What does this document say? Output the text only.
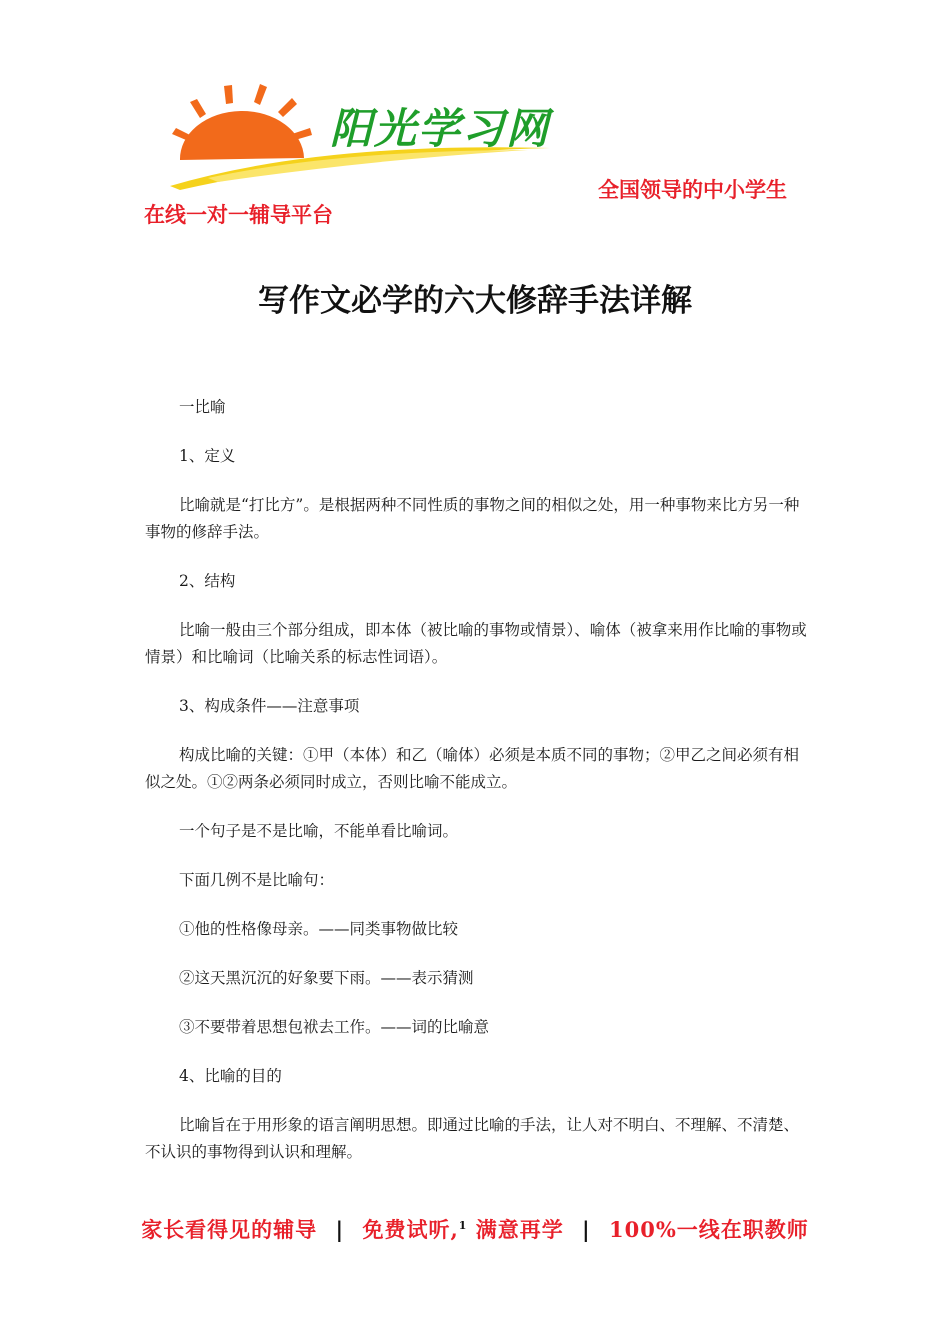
阳光学习网
全国领导的中小学生
在线一对一辅导平台
写作文必学的六大修辞手法详解

一比喻

1、定义

比喻就是“打比方”。是根据两种不同性质的事物之间的相似之处，用一种事物来比方另一种事物的修辞手法。

2、结构

比喻一般由三个部分组成，即本体（被比喻的事物或情景）、喻体（被拿来用作比喻的事物或情景）和比喻词（比喻关系的标志性词语）。

3、构成条件——注意事项

构成比喻的关键：①甲（本体）和乙（喻体）必须是本质不同的事物；②甲乙之间必须有相似之处。①②两条必须同时成立，否则比喻不能成立。

一个句子是不是比喻，不能单看比喻词。

下面几例不是比喻句：

①他的性格像母亲。——同类事物做比较

②这天黑沉沉的好象要下雨。——表示猜测

③不要带着思想包袱去工作。——词的比喻意

4、比喻的目的

比喻旨在于用形象的语言阐明思想。即通过比喻的手法，让人对不明白、不理解、不清楚、不认识的事物得到认识和理解。

家长看得见的辅导 | 免费试听,$^1$ 满意再学 | 100%一线在职教师
